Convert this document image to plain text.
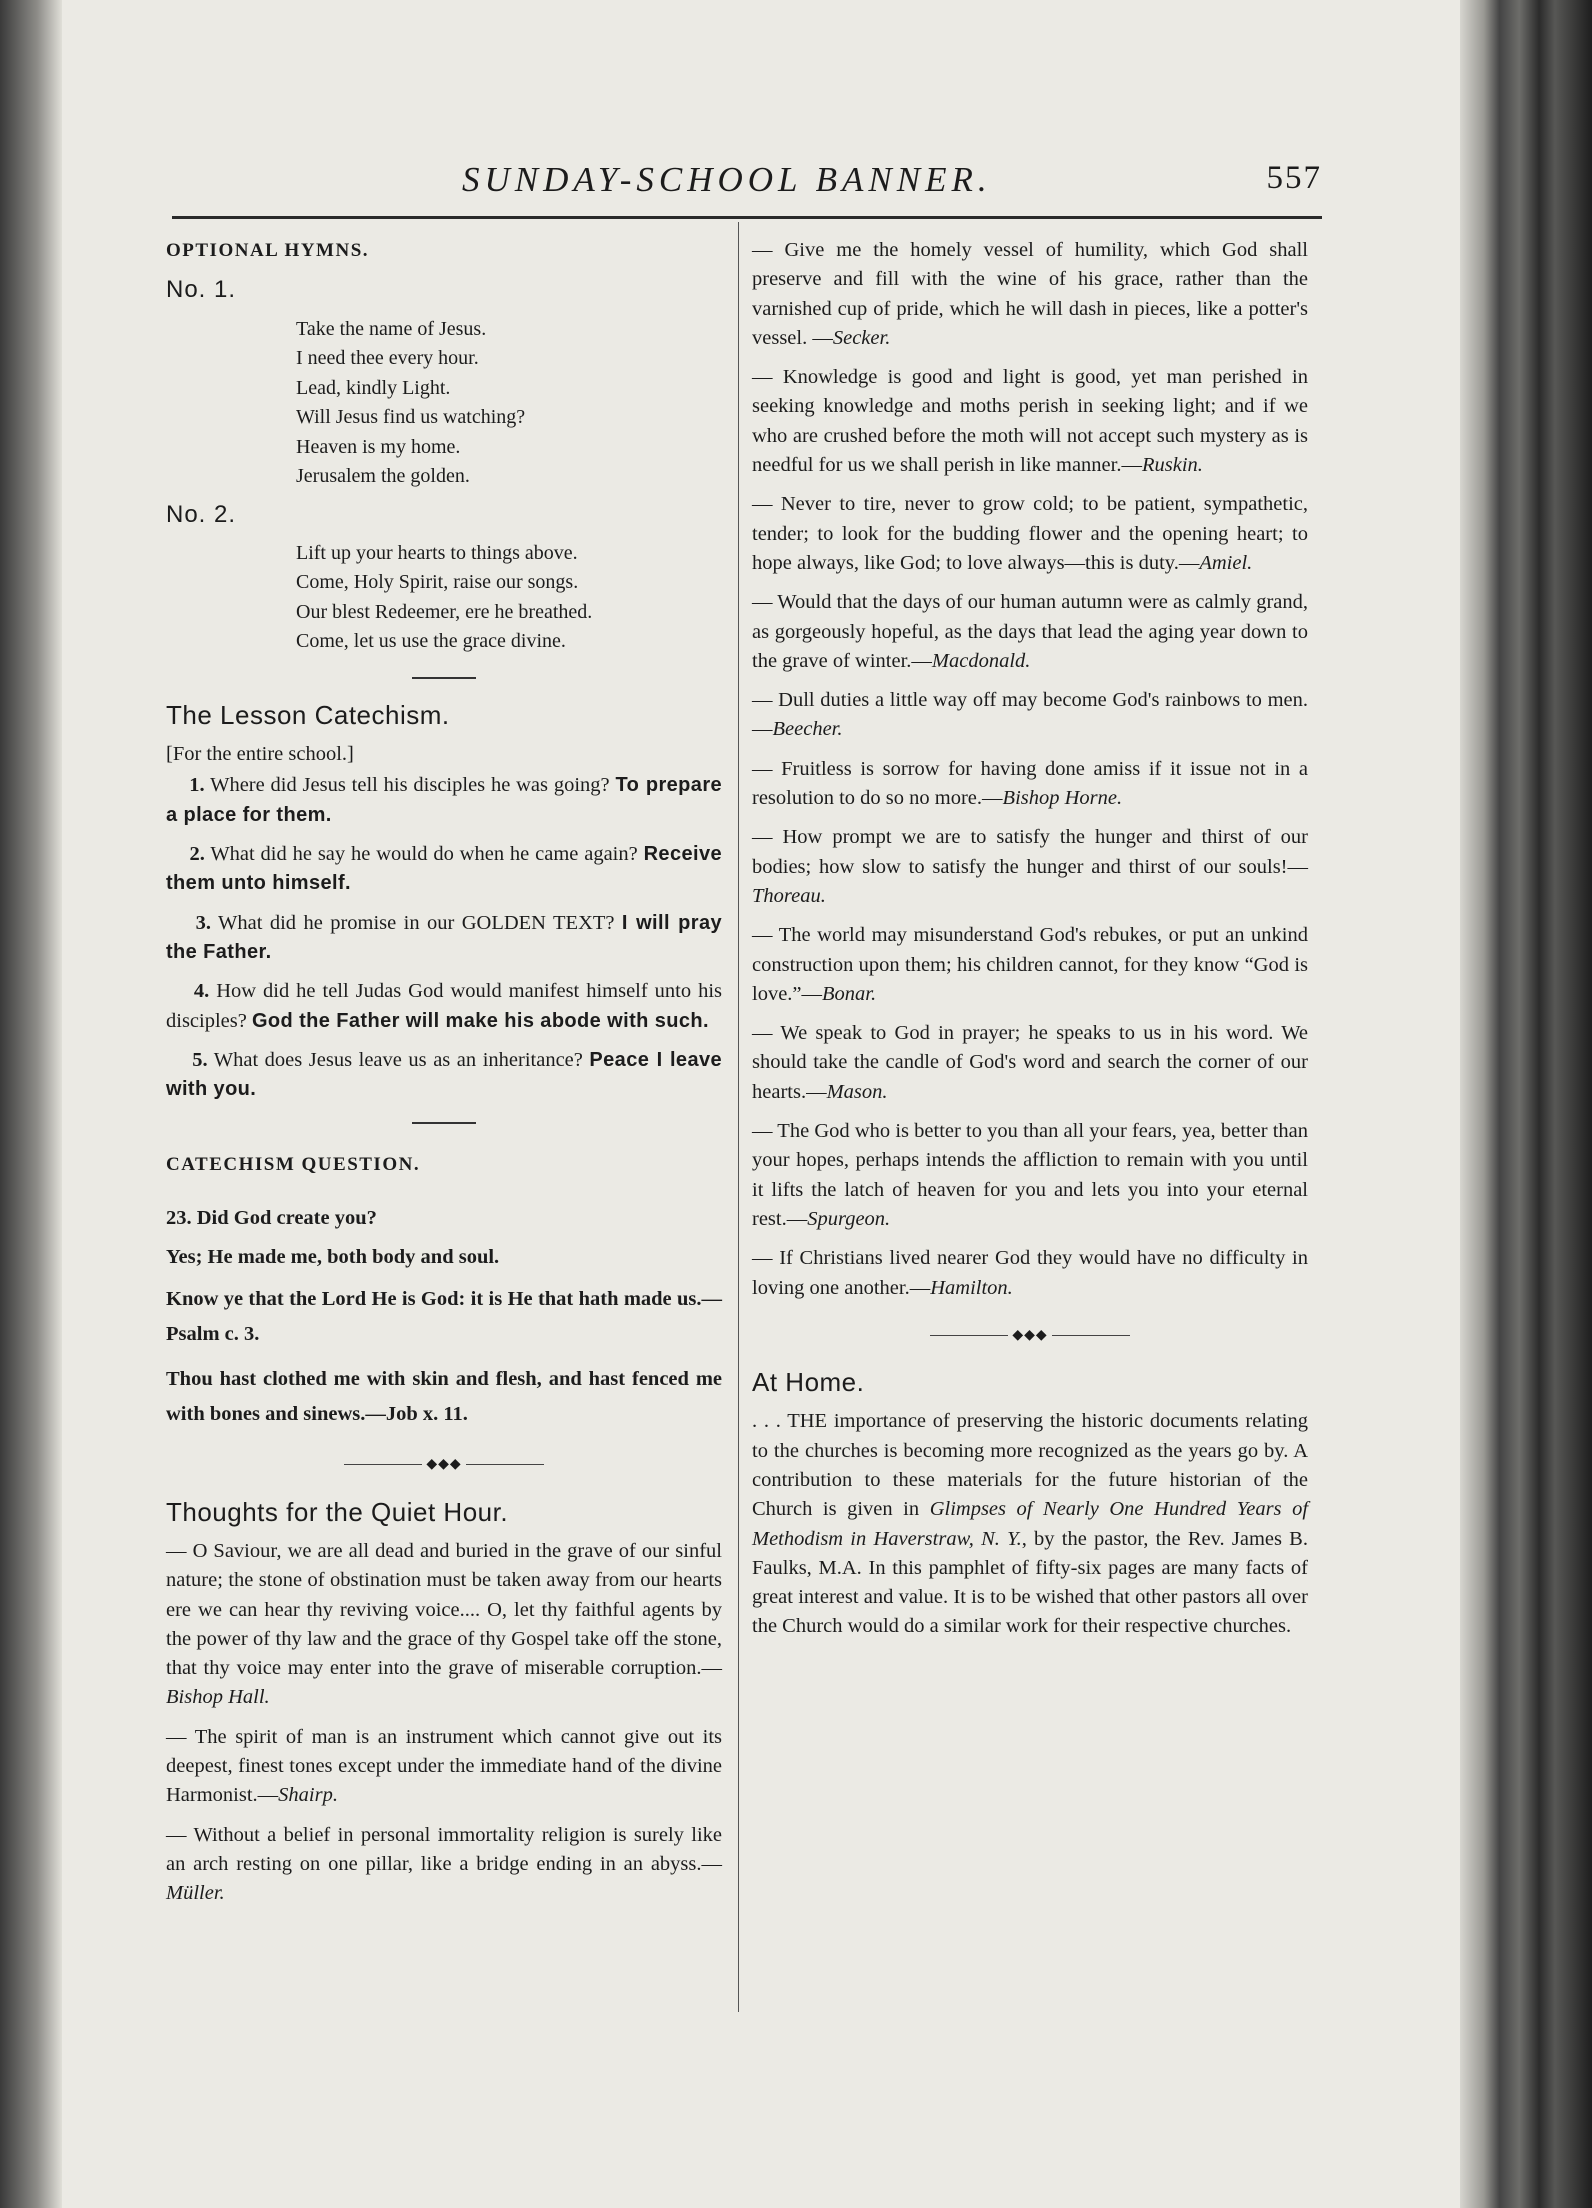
SUNDAY-SCHOOL BANNER.	557

OPTIONAL HYMNS.

No. 1.

Take the name of Jesus.
I need thee every hour.
Lead, kindly Light.
Will Jesus find us watching?
Heaven is my home.
Jerusalem the golden.

No. 2.

Lift up your hearts to things above.
Come, Holy Spirit, raise our songs.
Our blest Redeemer, ere he breathed.
Come, let us use the grace divine.

The Lesson Catechism.

[For the entire school.]

1. Where did Jesus tell his disciples he was going? To prepare a place for them.

2. What did he say he would do when he came again? Receive them unto himself.

3. What did he promise in our GOLDEN TEXT? I will pray the Father.

4. How did he tell Judas God would manifest himself unto his disciples? God the Father will make his abode with such.

5. What does Jesus leave us as an inheritance? Peace I leave with you.

CATECHISM QUESTION.

23. Did God create you?

Yes; He made me, both body and soul.

Know ye that the Lord He is God: it is He that hath made us.—Psalm c. 3.

Thou hast clothed me with skin and flesh, and hast fenced me with bones and sinews.—Job x. 11.

◆◆◆

Thoughts for the Quiet Hour.

— O Saviour, we are all dead and buried in the grave of our sinful nature; the stone of obstination must be taken away from our hearts ere we can hear thy reviving voice.... O, let thy faithful agents by the power of thy law and the grace of thy Gospel take off the stone, that thy voice may enter into the grave of miserable corruption.—Bishop Hall.

— The spirit of man is an instrument which cannot give out its deepest, finest tones except under the immediate hand of the divine Harmonist.—Shairp.

— Without a belief in personal immortality religion is surely like an arch resting on one pillar, like a bridge ending in an abyss.—Müller.

— Give me the homely vessel of humility, which God shall preserve and fill with the wine of his grace, rather than the varnished cup of pride, which he will dash in pieces, like a potter's vessel. —Secker.

— Knowledge is good and light is good, yet man perished in seeking knowledge and moths perish in seeking light; and if we who are crushed before the moth will not accept such mystery as is needful for us we shall perish in like manner.—Ruskin.

— Never to tire, never to grow cold; to be patient, sympathetic, tender; to look for the budding flower and the opening heart; to hope always, like God; to love always—this is duty.—Amiel.

— Would that the days of our human autumn were as calmly grand, as gorgeously hopeful, as the days that lead the aging year down to the grave of winter.—Macdonald.

— Dull duties a little way off may become God's rainbows to men.—Beecher.

— Fruitless is sorrow for having done amiss if it issue not in a resolution to do so no more.—Bishop Horne.

— How prompt we are to satisfy the hunger and thirst of our bodies; how slow to satisfy the hunger and thirst of our souls!—Thoreau.

— The world may misunderstand God's rebukes, or put an unkind construction upon them; his children cannot, for they know “God is love.”—Bonar.

— We speak to God in prayer; he speaks to us in his word. We should take the candle of God's word and search the corner of our hearts.—Mason.

— The God who is better to you than all your fears, yea, better than your hopes, perhaps intends the affliction to remain with you until it lifts the latch of heaven for you and lets you into your eternal rest.—Spurgeon.

— If Christians lived nearer God they would have no difficulty in loving one another.—Hamilton.

◆◆◆

At Home.

. . . THE importance of preserving the historic documents relating to the churches is becoming more recognized as the years go by. A contribution to these materials for the future historian of the Church is given in Glimpses of Nearly One Hundred Years of Methodism in Haverstraw, N. Y., by the pastor, the Rev. James B. Faulks, M.A. In this pamphlet of fifty-six pages are many facts of great interest and value. It is to be wished that other pastors all over the Church would do a similar work for their respective churches.
